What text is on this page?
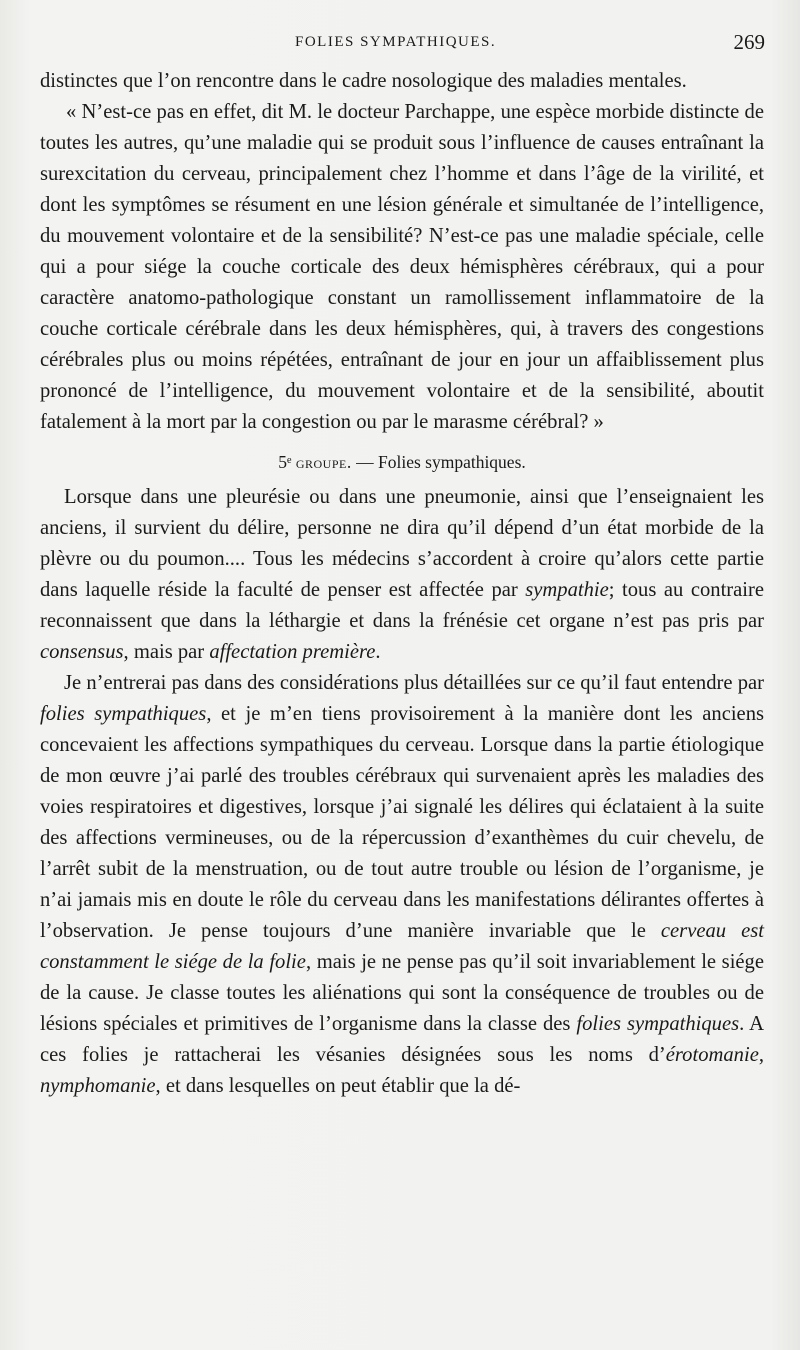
FOLIES SYMPATHIQUES.	269

distinctes que l’on rencontre dans le cadre nosologique des maladies mentales.

« N’est-ce pas en effet, dit M. le docteur Parchappe, une espèce morbide distincte de toutes les autres, qu’une maladie qui se produit sous l’influence de causes entraînant la surexcitation du cerveau, principalement chez l’homme et dans l’âge de la virilité, et dont les symptômes se résument en une lésion générale et simultanée de l’intelligence, du mouvement volontaire et de la sensibilité? N’est-ce pas une maladie spéciale, celle qui a pour siége la couche corticale des deux hémisphères cérébraux, qui a pour caractère anatomo-pathologique constant un ramollissement inflammatoire de la couche corticale cérébrale dans les deux hémisphères, qui, à travers des congestions cérébrales plus ou moins répétées, entraînant de jour en jour un affaiblissement plus prononcé de l’intelligence, du mouvement volontaire et de la sensibilité, aboutit fatalement à la mort par la congestion ou par le marasme cérébral? »

5ᵉ groupe. — Folies sympathiques.

Lorsque dans une pleurésie ou dans une pneumonie, ainsi que l’enseignaient les anciens, il survient du délire, personne ne dira qu’il dépend d’un état morbide de la plèvre ou du poumon.... Tous les médecins s’accordent à croire qu’alors cette partie dans laquelle réside la faculté de penser est affectée par sympathie; tous au contraire reconnaissent que dans la léthargie et dans la frénésie cet organe n’est pas pris par consensus, mais par affectation première.

Je n’entrerai pas dans des considérations plus détaillées sur ce qu’il faut entendre par folies sympathiques, et je m’en tiens provisoirement à la manière dont les anciens concevaient les affections sympathiques du cerveau. Lorsque dans la partie étiologique de mon œuvre j’ai parlé des troubles cérébraux qui survenaient après les maladies des voies respiratoires et digestives, lorsque j’ai signalé les délires qui éclataient à la suite des affections vermineuses, ou de la répercussion d’exanthèmes du cuir chevelu, de l’arrêt subit de la menstruation, ou de tout autre trouble ou lésion de l’organisme, je n’ai jamais mis en doute le rôle du cerveau dans les manifestations délirantes offertes à l’observation. Je pense toujours d’une manière invariable que le cerveau est constamment le siége de la folie, mais je ne pense pas qu’il soit invariablement le siége de la cause. Je classe toutes les aliénations qui sont la conséquence de troubles ou de lésions spéciales et primitives de l’organisme dans la classe des folies sympathiques. A ces folies je rattacherai les vésanies désignées sous les noms d’érotomanie, nymphomanie, et dans lesquelles on peut établir que la dé-
